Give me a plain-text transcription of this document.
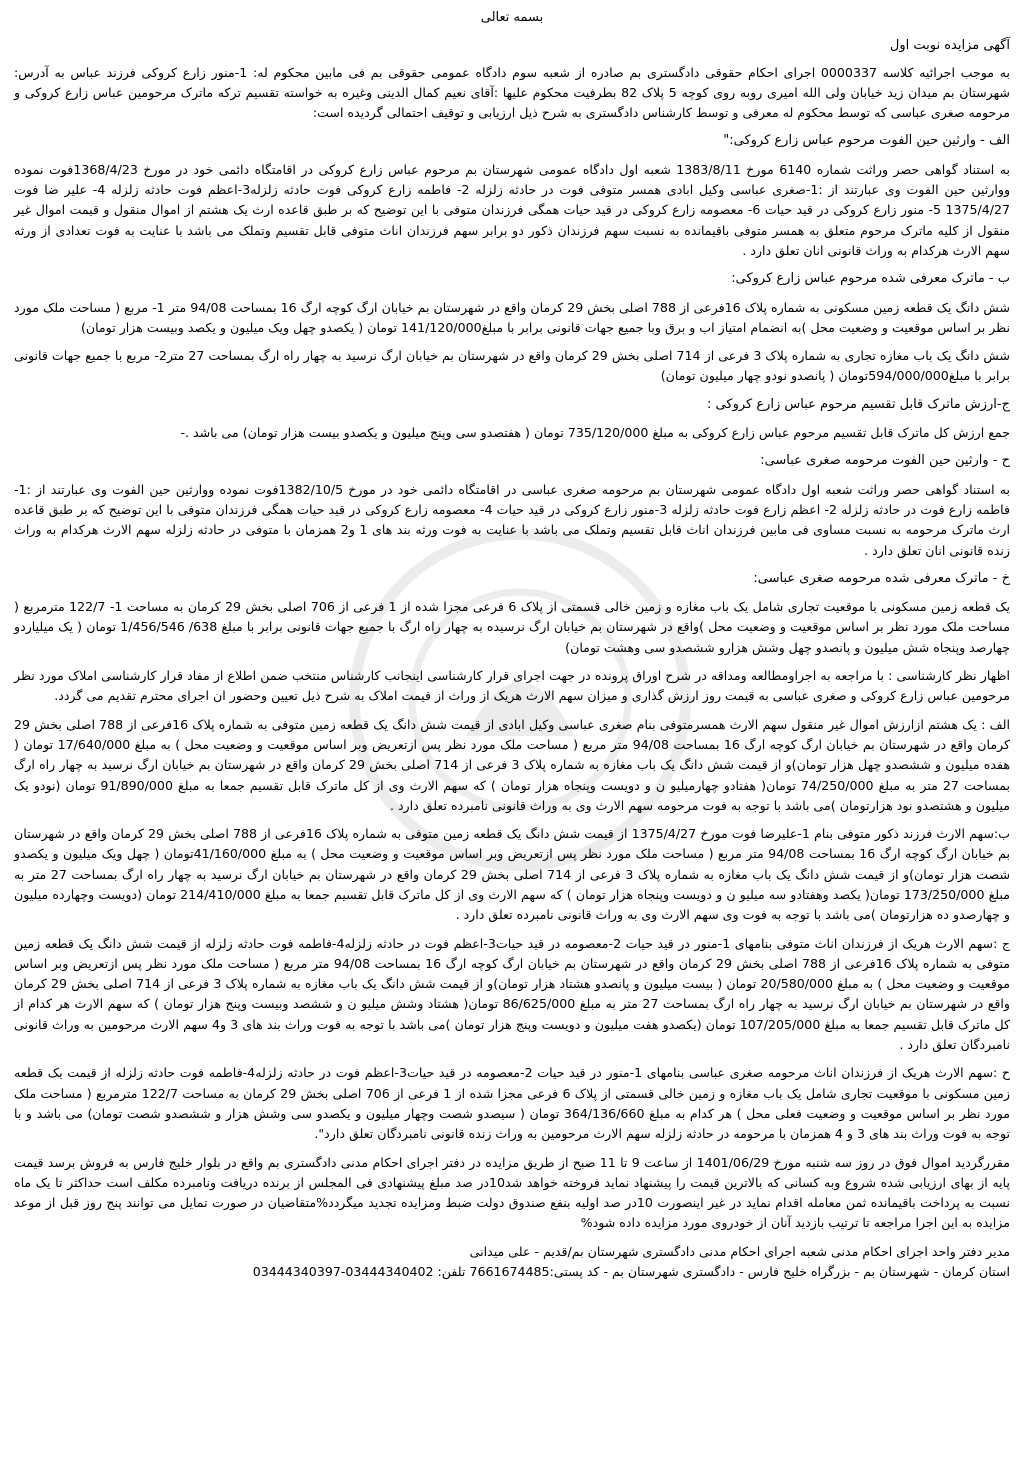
بسمه تعالی
آگهی مزایده نوبت اول

به موجب اجرائیه کلاسه 0000337 اجرای احکام حقوقی دادگستری بم صادره از شعبه سوم دادگاه عمومی حقوقی بم فی مابین محکوم له: 1-منور زارع کروکی فرزند عباس به آدرس: شهرستان بم میدان زید خیابان ولی الله امیری روبه روی کوچه 5 پلاک 82 بطرفیت محکوم علیها :آقای نعیم کمال الدینی وغیره به خواسته تقسیم ترکه ماترک مرحومین عباس زارع کروکی و مرحومه صغری عباسی که توسط محکوم له معرفی و توسط کارشناس دادگستری به شرح ذیل ارزیابی و توقیف احتمالی گردیده است:

الف - وارثین حین الفوت مرحوم عباس زارع کروکی:"

به استناد گواهی حصر وراثت شماره 6140 مورخ 1383/8/11 شعبه اول دادگاه عمومی شهرستان بم مرحوم عباس زارع کروکی در اقامتگاه دائمی خود در مورخ 1368/4/23فوت نموده ووارثین حین الفوت وی عبارتند از :1-صغری عباسی وکیل ابادی همسر متوفی فوت در حادثه زلزله 2- فاطمه زارع کروکی فوت حادثه زلزله3-اعظم فوت حادثه زلزله 4- علیر ضا فوت 1375/4/27 5- منور زارع کروکی در قید حیات 6- معصومه زارع کروکی در قید حیات همگی فرزندان متوفی با این توضیح که بر طبق قاعده ارث یک هشتم از اموال منقول و قیمت اموال غیر منقول از کلیه ماترک مرحوم متعلق به همسر متوفی باقیمانده به نسبت سهم فرزندان ذکور دو برابر سهم فرزندان اناث متوفی قابل تقسیم وتملک می باشد با عنایت به فوت تعدادی از ورثه سهم الارث هرکدام به وراث قانونی انان تعلق دارد .

ب - ماترک معرفی شده مرحوم عباس زارع کروکی:

شش دانگ یک قطعه زمین مسکونی به شماره پلاک 16فرعی از 788 اصلی بخش 29 کرمان واقع در شهرستان بم خیابان ارگ کوچه ارگ 16 بمساحت 94/08 متر 1- مربع ( مساحت ملک مورد نظر بر اساس موقعیت و وضعیت محل )به انضمام امتیاز اب و برق وبا جمیع جهات قانونی برابر با مبلغ141/120/000 تومان ( یکصدو چهل ویک میلیون و یکصد وبیست هزار تومان)

شش دانگ یک باب مغازه تجاری به شماره پلاک 3 فرعی از 714 اصلی بخش 29 کرمان واقع در شهرستان بم خیابان ارگ نرسید به چهار راه ارگ بمساحت 27 متر2- مربع با جمیع جهات قانونی برابر با مبلغ594/000/000تومان ( پانصدو نودو چهار میلیون تومان)

ج-ارزش ماترک قابل تقسیم مرحوم عباس زارع کروکی :

جمع ارزش کل ماترک قابل تقسیم مرحوم عباس زارع کروکی به مبلغ 735/120/000 تومان ( هفتصدو سی وپنج میلیون و یکصدو بیست هزار تومان) می باشد .-

ح - وارثین حین الفوت مرحومه صغری عباسی:

به استناد گواهی حصر وراثت شعبه اول دادگاه عمومی شهرستان بم مرحومه صغری عباسی در اقامتگاه دائمی خود در مورخ 1382/10/5فوت نموده ووارثین حین الفوت وی عبارتند از :1-فاطمه زارع فوت در حادثه زلزله 2- اعظم زارع فوت حادثه زلزله 3-منور زارع کروکی در قید حیات 4- معصومه زارع کروکی در قید حیات همگی فرزندان متوفی با این توضیح که بر طبق قاعده ارث ماترک مرحومه به نسبت مساوی فی مابین فرزندان اناث قابل تقسیم وتملک می باشد با عنایت به فوت ورثه بند های 1 و2 همزمان با متوفی در حادثه زلزله سهم الارث هرکدام به وراث زنده قانونی انان تعلق دارد .

خ - ماترک معرفی شده مرحومه صغری عباسی:

یک قطعه زمین مسکونی با موقعیت تجاری شامل یک باب مغازه و زمین خالی قسمتی از پلاک 6 فرعی مجزا شده از 1 فرعی از 706 اصلی بخش 29 کرمان به مساحت 1- 122/7 مترمربع ( مساحت ملک مورد نظر بر اساس موقعیت و وضعیت محل )واقع در شهرستان بم خیابان ارگ نرسیده به چهار راه ارگ با جمیع جهات قانونی برابر با مبلغ 638/ 1/456/546 تومان ( یک میلیاردو چهارصد وپنجاه شش میلیون و پانصدو چهل وشش هزارو ششصدو سی وهشت تومان)

اظهار نظر کارشناسی : با مراجعه به اجراومطالعه ومداقه در شرح اوراق پرونده در جهت اجرای قرار کارشناسی اینجانب کارشناس منتخب ضمن اطلاع از مفاد قرار کارشناسی املاک مورد نظر مرحومین عباس زارع کروکی و صغری عباسی به قیمت روز ارزش گذاری و میزان سهم الارث هریک از وراث از قیمت املاک به شرح ذیل تعیین وحضور ان اجرای محترم تقدیم می گردد.

الف : یک هشتم ازارزش اموال غیر منقول سهم الارث همسرمتوفی بنام صغری عباسی وکیل ابادی از قیمت شش دانگ یک قطعه زمین متوفی به شماره پلاک 16فرعی از 788 اصلی بخش 29 کرمان واقع در شهرستان بم خیابان ارگ کوچه ارگ 16 بمساحت 94/08 متر مربع ( مساحت ملک مورد نظر پس ازتعریض وبر اساس موقعیت و وضعیت محل ) به مبلغ 17/640/000 تومان ( هفده میلیون و ششصدو چهل هزار تومان)و از قیمت شش دانگ یک باب مغازه به شماره پلاک 3 فرعی از 714 اصلی بخش 29 کرمان واقع در شهرستان بم خیابان ارگ نرسید به چهار راه ارگ بمساحت 27 متر به مبلغ 74/250/000 تومان( هفتادو چهارمیلیو ن و دویست وپنجاه هزار تومان ) که سهم الارث وی از کل ماترک قابل تقسیم جمعا به مبلغ 91/890/000 تومان (نودو یک میلیون و هشتصدو نود هزارتومان )می باشد با توجه به فوت مرحومه سهم الارث وی به وراث قانونی نامبرده تعلق دارد .

ب:سهم الارث فرزند ذکور متوفی بنام 1-علیرضا فوت مورخ 1375/4/27 از قیمت شش دانگ یک قطعه زمین متوفی به شماره پلاک 16فرعی از 788 اصلی بخش 29 کرمان واقع در شهرستان بم خیابان ارگ کوچه ارگ 16 بمساحت 94/08 متر مربع ( مساحت ملک مورد نظر پس ازتعریض وبر اساس موقعیت و وضعیت محل ) به مبلغ 41/160/000تومان ( چهل ویک میلیون و یکصدو شصت هزار تومان)و از قیمت شش دانگ یک باب مغازه به شماره پلاک 3 فرعی از 714 اصلی بخش 29 کرمان واقع در شهرستان بم خیابان ارگ نرسید به چهار راه ارگ بمساحت 27 متر به مبلغ 173/250/000 تومان( یکصد وهفتادو سه میلیو ن و دویست وپنجاه هزار تومان ) که سهم الارث وی از کل ماترک قابل تقسیم جمعا به مبلغ 214/410/000 تومان (دویست وچهارده میلیون و چهارصدو ده هزارتومان )می باشد با توجه به فوت وی سهم الارث وی به وراث قانونی نامبرده تعلق دارد .

ج :سهم الارث هریک از فرزندان اناث متوفی بنامهای 1-منور در قید حیات 2-معصومه در قید حیات3-اعظم فوت در حادثه زلزله4-فاطمه فوت حادثه زلزله از قیمت شش دانگ یک قطعه زمین متوفی به شماره پلاک 16فرعی از 788 اصلی بخش 29 کرمان واقع در شهرستان بم خیابان ارگ کوچه ارگ 16 بمساحت 94/08 متر مربع ( مساحت ملک مورد نظر پس ازتعریض وبر اساس موقعیت و وضعیت محل ) به مبلغ 20/580/000 تومان ( بیست میلیون و پانصدو هشتاد هزار تومان)و از قیمت شش دانگ یک باب مغازه به شماره پلاک 3 فرعی از 714 اصلی بخش 29 کرمان واقع در شهرستان بم خیابان ارگ نرسید به چهار راه ارگ بمساحت 27 متر به مبلغ 86/625/000 تومان( هشتاد وشش میلیو ن و ششصد وبیست وپنج هزار تومان ) که سهم الارث هر کدام از کل ماترک قابل تقسیم جمعا به مبلغ 107/205/000 تومان (یکصدو هفت میلیون و دویست وپنج هزار تومان )می باشد با توجه به فوت وراث بند های 3 و4 سهم الارث مرحومین به وراث قانونی نامبردگان تعلق دارد .

ح :سهم الارث هریک از فرزندان اناث مرحومه صغری عباسی بنامهای 1-منور در قید حیات 2-معصومه در قید حیات3-اعظم فوت در حادثه زلزله4-فاطمه فوت حادثه زلزله از قیمت یک قطعه زمین مسکونی با موقعیت تجاری شامل یک باب مغازه و زمین خالی قسمتی از پلاک 6 فرعی مجزا شده از 1 فرعی از 706 اصلی بخش 29 کرمان به مساحت 122/7 مترمربع ( مساحت ملک مورد نظر بر اساس موقعیت و وضعیت فعلی محل ) هر کدام به مبلغ 364/136/660 تومان ( سیصدو شصت وچهار میلیون و یکصدو سی وشش هزار و ششصدو شصت تومان) می باشد و با توجه به فوت وراث بند های 3 و 4 همزمان با مرحومه در حادثه زلزله سهم الارث مرحومین به وراث زنده قانونی نامبردگان تعلق دارد".

مقررگردید اموال فوق در روز سه شنبه مورخ 1401/06/29 از ساعت 9 تا 11 صبح از طریق مزایده در دفتر اجرای احکام مدنی دادگستری بم واقع در بلوار خلیج فارس به فروش برسد قیمت پایه از بهای ارزیابی شده شروع وبه کسانی که بالاترین قیمت را پیشنهاد نماید فروخته خواهد شد10در صد مبلغ پیشنهادی فی المجلس از برنده دریافت ونامبرده مکلف است حداکثر تا یک ماه نسبت به پرداخت باقیمانده ثمن معامله اقدام نماید در غیر اینصورت 10در صد اولیه بنفع صندوق دولت ضبط ومزایده تجدید میگردد%متقاضیان در صورت تمایل می توانند پنج روز قبل از موعد مزایده به این اجرا مراجعه تا ترتیب بازدید آنان از خودروی مورد مزایده داده شود%

مدیر دفتر واحد اجرای احکام مدنی شعبه اجرای احکام مدنی دادگستری شهرستان بم/قدیم - علی میدانی

استان کرمان - شهرستان بم - بزرگراه خلیج فارس - دادگستری شهرستان بم - کد پستی:7661674485 تلفن: 03444340402-03444340397
